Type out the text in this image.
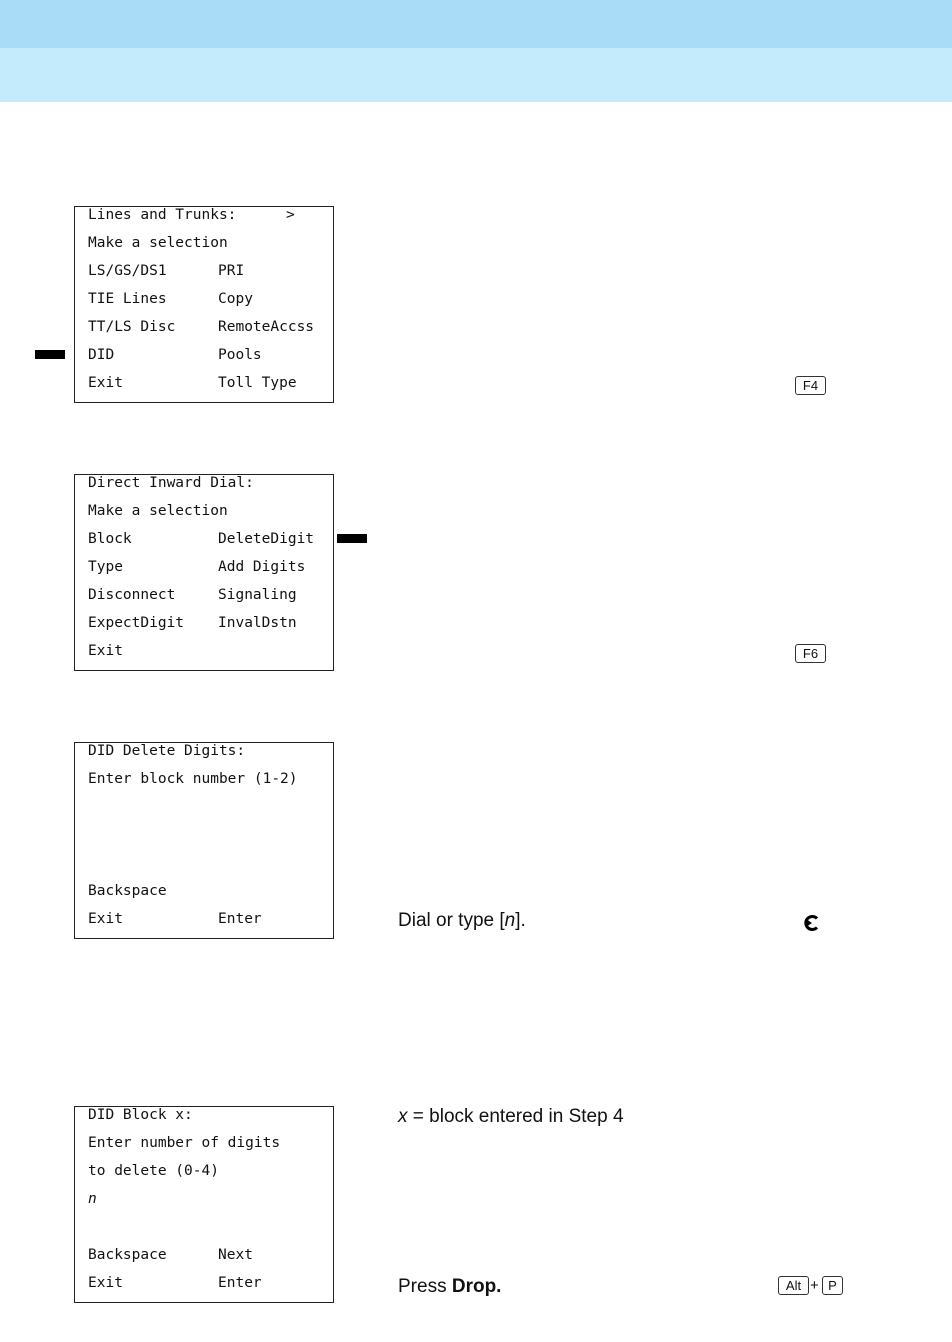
Lines and Trunks:	>
Make a selection
LS/GS/DS1	PRI
TIE Lines	Copy
TT/LS Disc	RemoteAccss
DID	Pools
Exit	Toll Type	F4
Direct Inward Dial:
Make a selection
Block	DeleteDigit
Type	Add Digits
Disconnect	Signaling
ExpectDigit InvalDstn
Exit	F6
DID Delete Digits:
Enter block number (1-2)
Backspace
Exit	Enter	Dial or type [n].
DID Block x:
Enter number of digits
to delete (0-4)
n
Backspace	Next
Exit	Enter
x = block entered in Step 4
Press Drop.	Alt + P
